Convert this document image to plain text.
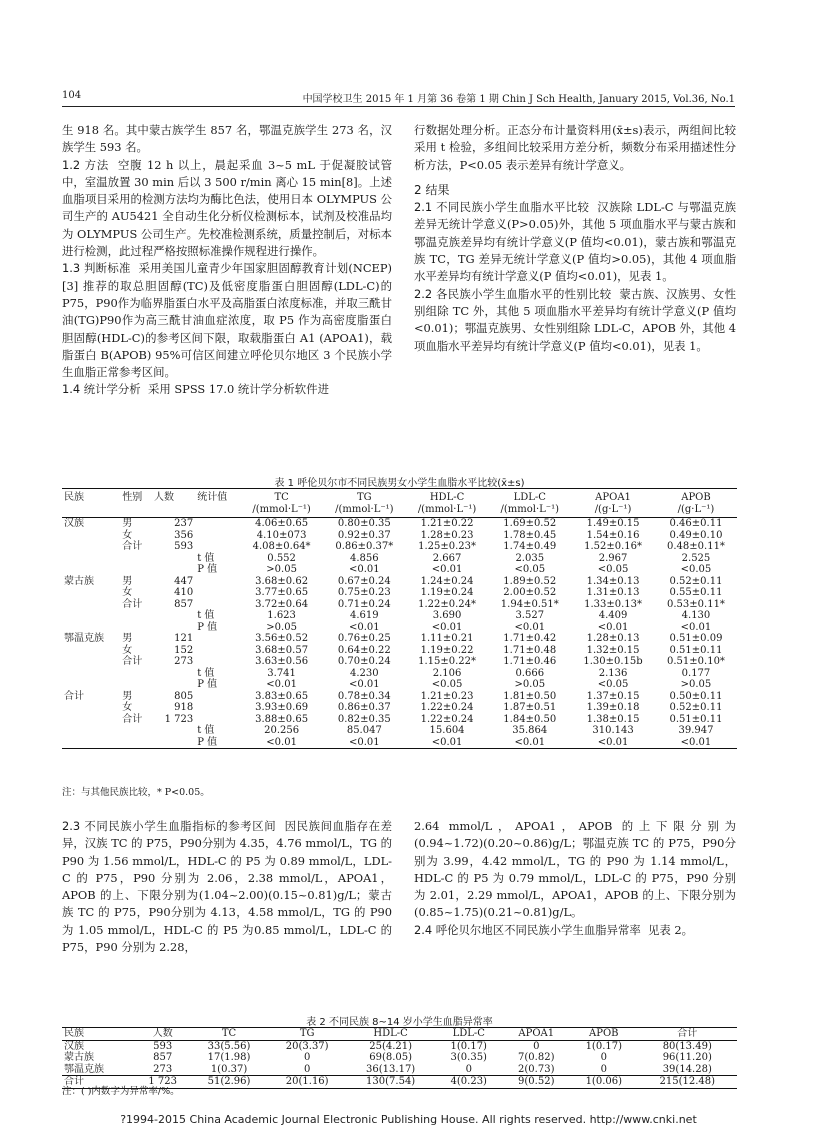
104	中国学校卫生 2015 年 1 月第 36 卷第 1 期 Chin J Sch Health, January 2015, Vol.36, No.1

生 918 名。其中蒙古族学生 857 名，鄂温克族学生 273 名，汉族学生 593 名。

1.2 方法 空腹 12 h 以上，晨起采血 3~5 mL 于促凝胶试管中，室温放置 30 min 后以 3 500 r/min 离心 15 min[8]。上述血脂项目采用的检测方法均为酶比色法，使用日本 OLYMPUS 公司生产的 AU5421 全自动生化分析仪检测标本，试剂及校准品均为 OLYMPUS 公司生产。先校准检测系统，质量控制后，对标本进行检测，此过程严格按照标准操作规程进行操作。

1.3 判断标准 采用美国儿童青少年国家胆固醇教育计划(NCEP)[3] 推荐的取总胆固醇(TC)及低密度脂蛋白胆固醇(LDL-C)的 P75，P90作为临界脂蛋白水平及高脂蛋白浓度标准，并取三酰甘油(TG)P90作为高三酰甘油血症浓度，取 P5 作为高密度脂蛋白胆固醇(HDL-C)的参考区间下限，取载脂蛋白 A1 (APOA1)，载脂蛋白 B(APOB) 95%可信区间建立呼伦贝尔地区 3 个民族小学生血脂正常参考区间。

1.4 统计学分析 采用 SPSS 17.0 统计学分析软件进

行数据处理分析。正态分布计量资料用(x̄±s)表示，两组间比较采用 t 检验，多组间比较采用方差分析，频数分布采用描述性分析方法，P<0.05 表示差异有统计学意义。

2 结果

2.1 不同民族小学生血脂水平比较 汉族除 LDL-C 与鄂温克族差异无统计学意义(P>0.05)外，其他 5 项血脂水平与蒙古族和鄂温克族差异均有统计学意义(P 值均<0.01)，蒙古族和鄂温克族 TC，TG 差异无统计学意义(P 值均>0.05)，其他 4 项血脂水平差异均有统计学意义(P 值均<0.01)，见表 1。

2.2 各民族小学生血脂水平的性别比较 蒙古族、汉族男、女性别组除 TC 外，其他 5 项血脂水平差异均有统计学意义(P 值均<0.01)；鄂温克族男、女性别组除 LDL-C，APOB 外，其他 4 项血脂水平差异均有统计学意义(P 值均<0.01)，见表 1。

表 1 呼伦贝尔市不同民族男女小学生血脂水平比较(x̄±s)
民族	性别	人数	统计值	TC	TG	HDL-C	LDL-C	APOA1	APOB
				/(mmol·L⁻¹)	/(mmol·L⁻¹)	/(mmol·L⁻¹)	/(mmol·L⁻¹)	/(g·L⁻¹)	/(g·L⁻¹)
汉族	男	237		4.06±0.65	0.80±0.35	1.21±0.22	1.69±0.52	1.49±0.15	0.46±0.11
	女	356		4.10±073	0.92±0.37	1.28±0.23	1.78±0.45	1.54±0.16	0.49±0.10
	合计	593		4.08±0.64*	0.86±0.37*	1.25±0.23*	1.74±0.49	1.52±0.16*	0.48±0.11*
			t 值	0.552	4.856	2.667	2.035	2.967	2.525
			P 值	>0.05	<0.01	<0.01	<0.05	<0.05	<0.05
蒙古族	男	447		3.68±0.62	0.67±0.24	1.24±0.24	1.89±0.52	1.34±0.13	0.52±0.11
	女	410		3.77±0.65	0.75±0.23	1.19±0.24	2.00±0.52	1.31±0.13	0.55±0.11
	合计	857		3.72±0.64	0.71±0.24	1.22±0.24*	1.94±0.51*	1.33±0.13*	0.53±0.11*
			t 值	1.623	4.619	3.690	3.527	4.409	4.130
			P 值	>0.05	<0.01	<0.01	<0.01	<0.01	<0.01
鄂温克族	男	121		3.56±0.52	0.76±0.25	1.11±0.21	1.71±0.42	1.28±0.13	0.51±0.09
	女	152		3.68±0.57	0.64±0.22	1.19±0.22	1.71±0.48	1.32±0.15	0.51±0.11
	合计	273		3.63±0.56	0.70±0.24	1.15±0.22*	1.71±0.46	1.30±0.15b	0.51±0.10*
			t 值	3.741	4.230	2.106	0.666	2.136	0.177
			P 值	<0.01	<0.01	<0.05	>0.05	<0.05	>0.05
合计	男	805		3.83±0.65	0.78±0.34	1.21±0.23	1.81±0.50	1.37±0.15	0.50±0.11
	女	918		3.93±0.69	0.86±0.37	1.22±0.24	1.87±0.51	1.39±0.18	0.52±0.11
	合计	1 723		3.88±0.65	0.82±0.35	1.22±0.24	1.84±0.50	1.38±0.15	0.51±0.11
			t 值	20.256	85.047	15.604	35.864	310.143	39.947
			P 值	<0.01	<0.01	<0.01	<0.01	<0.01	<0.01
注：与其他民族比较，* P<0.05。

2.3 不同民族小学生血脂指标的参考区间 因民族间血脂存在差异，汉族 TC 的 P75，P90分别为 4.35，4.76 mmol/L，TG 的 P90 为 1.56 mmol/L，HDL-C 的 P5 为 0.89 mmol/L，LDL-C 的 P75，P90 分别为 2.06，2.38 mmol/L，APOA1，APOB 的上、下限分别为(1.04~2.00)(0.15~0.81)g/L；蒙古族 TC 的 P75，P90分别为 4.13，4.58 mmol/L，TG 的 P90 为 1.05 mmol/L，HDL-C 的 P5 为0.85 mmol/L，LDL-C 的 P75，P90 分别为 2.28，

2.64 mmol/L，APOA1，APOB 的上下限分别为(0.94~1.72)(0.20~0.86)g/L；鄂温克族 TC 的 P75，P90分别为 3.99，4.42 mmol/L，TG 的 P90 为 1.14 mmol/L，HDL-C 的 P5 为 0.79 mmol/L，LDL-C 的 P75，P90 分别为 2.01，2.29 mmol/L，APOA1，APOB 的上、下限分别为(0.85~1.75)(0.21~0.81)g/L。

2.4 呼伦贝尔地区不同民族小学生血脂异常率 见表 2。

表 2 不同民族 8~14 岁小学生血脂异常率
民族	人数	TC	TG	HDL-C	LDL-C	APOA1	APOB	合计
汉族	593	33(5.56)	20(3.37)	25(4.21)	1(0.17)	0	1(0.17)	80(13.49)
蒙古族	857	17(1.98)	0	69(8.05)	3(0.35)	7(0.82)	0	96(11.20)
鄂温克族	273	1(0.37)	0	36(13.17)	0	2(0.73)	0	39(14.28)
合计	1 723	51(2.96)	20(1.16)	130(7.54)	4(0.23)	9(0.52)	1(0.06)	215(12.48)
注：( )内数字为异常率/%。
?1994-2015 China Academic Journal Electronic Publishing House. All rights reserved. http://www.cnki.net
